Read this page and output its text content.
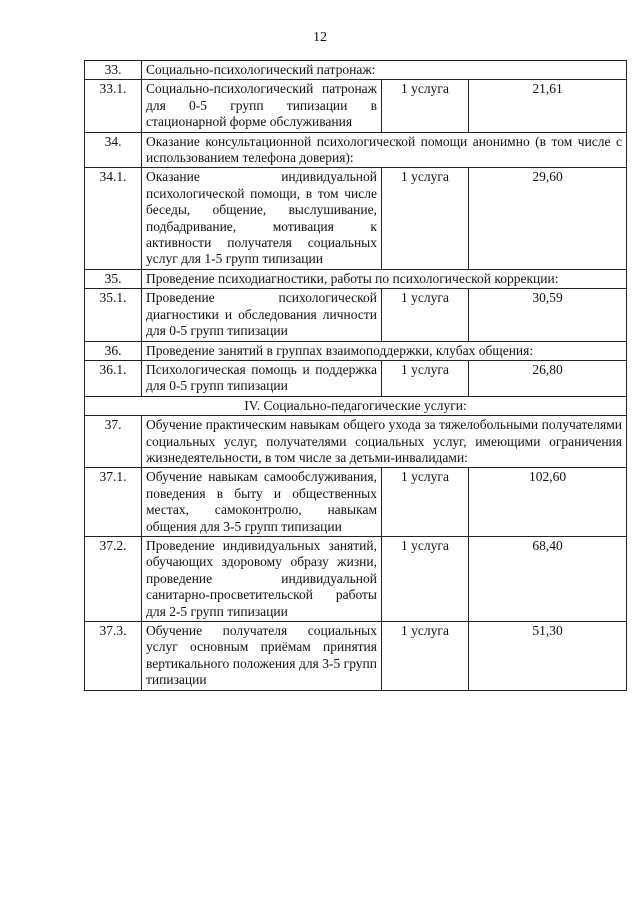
12
33.	Социально-психологический патронаж:		
33.1.	Социально-психологический патронаж для 0-5 групп типизации в стационарной форме обслуживания	1 услуга	21,61
34.	Оказание консультационной психологической помощи анонимно (в том числе с использованием телефона доверия):		
34.1.	Оказание индивидуальной психологической помощи, в том числе беседы, общение, выслушивание, подбадривание, мотивация к активности получателя социальных услуг для 1-5 групп типизации	1 услуга	29,60
35.	Проведение психодиагностики, работы по психологической коррекции:		
35.1.	Проведение психологической диагностики и обследования личности для 0-5 групп типизации	1 услуга	30,59
36.	Проведение занятий в группах взаимоподдержки, клубах общения:		
36.1.	Психологическая помощь и поддержка для 0-5 групп типизации	1 услуга	26,80
IV. Социально-педагогические услуги:			
37.	Обучение практическим навыкам общего ухода за тяжелобольными получателями социальных услуг, получателями социальных услуг, имеющими ограничения жизнедеятельности, в том числе за детьми-инвалидами:		
37.1.	Обучение навыкам самообслуживания, поведения в быту и общественных местах, самоконтролю, навыкам общения для 3-5 групп типизации	1 услуга	102,60
37.2.	Проведение индивидуальных занятий, обучающих здоровому образу жизни, проведение индивидуальной санитарно-просветительской работы для 2-5 групп типизации	1 услуга	68,40
37.3.	Обучение получателя социальных услуг основным приёмам принятия вертикального положения для 3-5 групп типизации	1 услуга	51,30
